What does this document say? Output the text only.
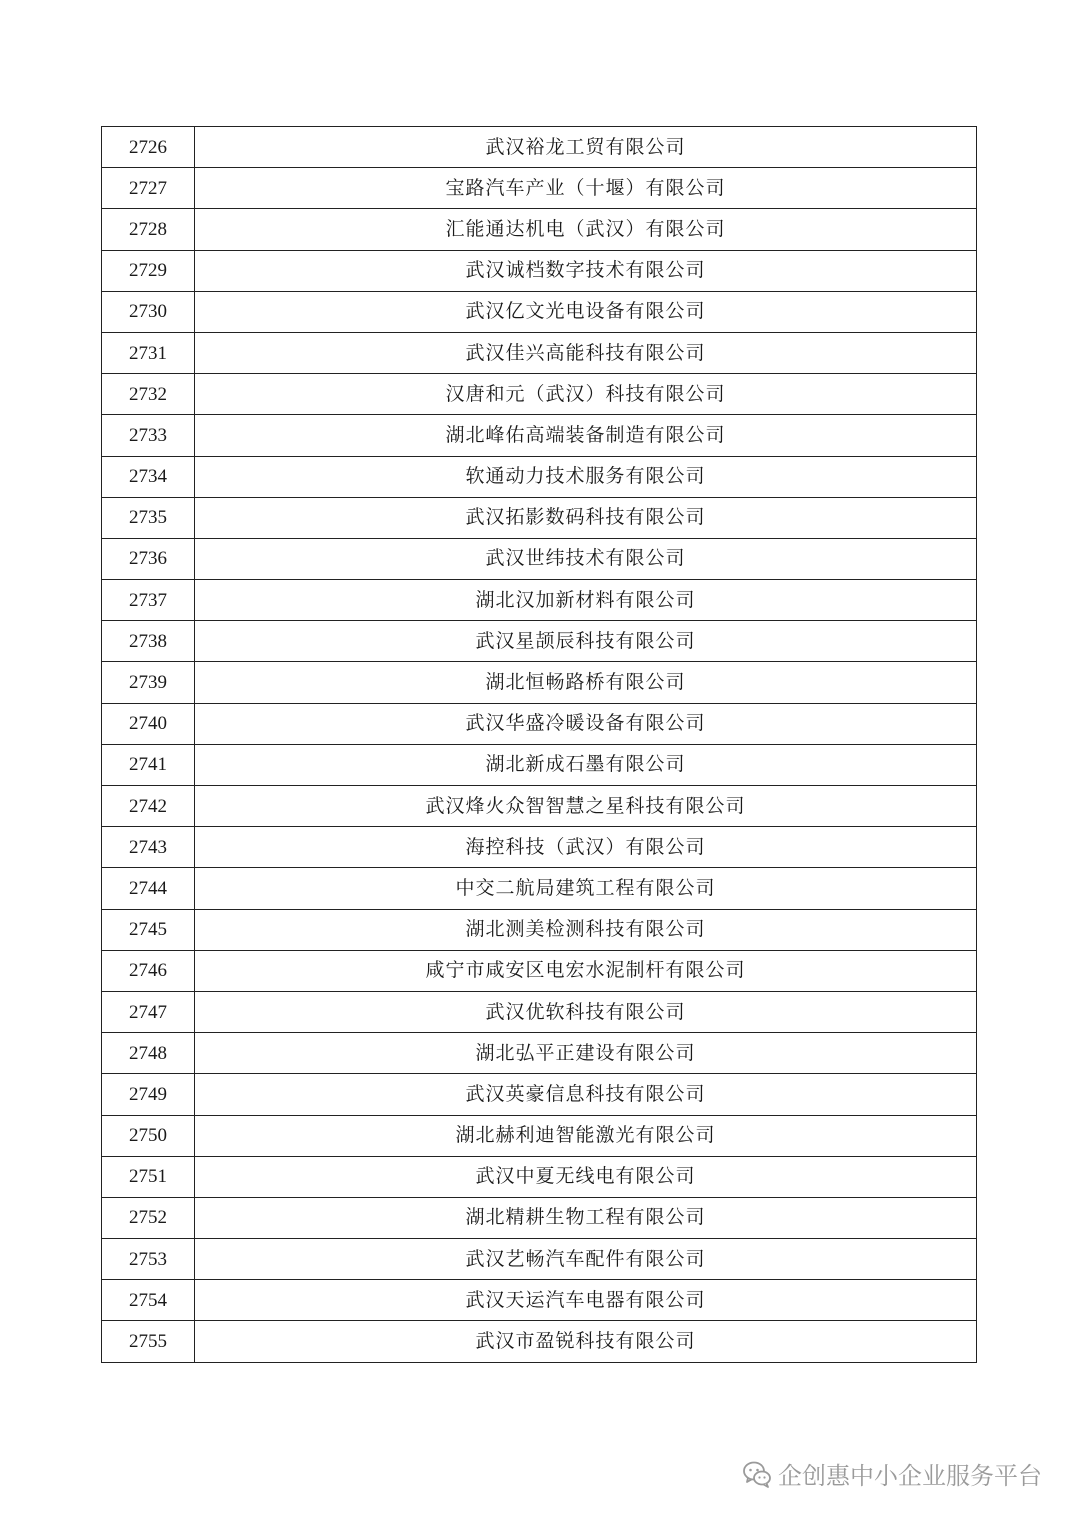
2726	武汉裕龙工贸有限公司
2727	宝路汽车产业（十堰）有限公司
2728	汇能通达机电（武汉）有限公司
2729	武汉诚档数字技术有限公司
2730	武汉亿文光电设备有限公司
2731	武汉佳兴高能科技有限公司
2732	汉唐和元（武汉）科技有限公司
2733	湖北峰佑高端装备制造有限公司
2734	软通动力技术服务有限公司
2735	武汉拓影数码科技有限公司
2736	武汉世纬技术有限公司
2737	湖北汉加新材料有限公司
2738	武汉星颉辰科技有限公司
2739	湖北恒畅路桥有限公司
2740	武汉华盛冷暖设备有限公司
2741	湖北新成石墨有限公司
2742	武汉烽火众智智慧之星科技有限公司
2743	海控科技（武汉）有限公司
2744	中交二航局建筑工程有限公司
2745	湖北测美检测科技有限公司
2746	咸宁市咸安区电宏水泥制杆有限公司
2747	武汉优软科技有限公司
2748	湖北弘平正建设有限公司
2749	武汉英豪信息科技有限公司
2750	湖北赫利迪智能激光有限公司
2751	武汉中夏无线电有限公司
2752	湖北精耕生物工程有限公司
2753	武汉艺畅汽车配件有限公司
2754	武汉天运汽车电器有限公司
2755	武汉市盈锐科技有限公司
企创惠中小企业服务平台
